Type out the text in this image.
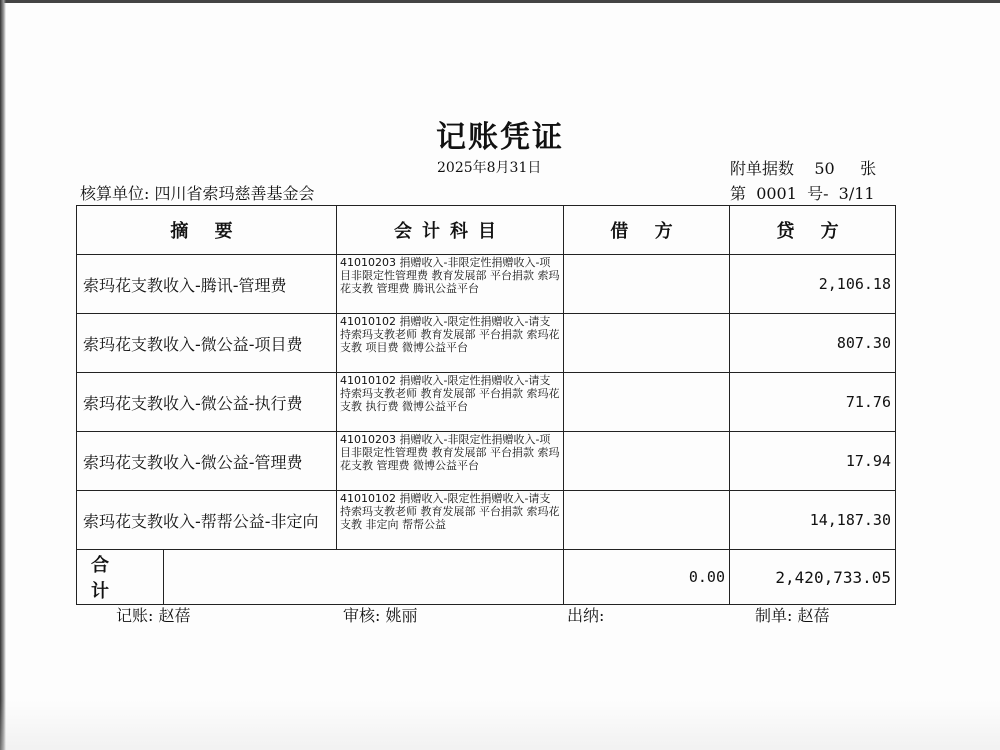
记账凭证
2025年8月31日	附单据数 50 张
核算单位: 四川省索玛慈善基金会	第 0001 号- 3/11
摘 要	会计科目	借 方	贷 方
索玛花支教收入-腾讯-管理费	41010203 捐赠收入-非限定性捐赠收入-项目非限定性管理费 教育发展部 平台捐款 索玛花支教 管理费 腾讯公益平台		2,106.18
索玛花支教收入-微公益-项目费	41010102 捐赠收入-限定性捐赠收入-请支持索玛支教老师 教育发展部 平台捐款 索玛花支教 项目费 微博公益平台		807.30
索玛花支教收入-微公益-执行费	41010102 捐赠收入-限定性捐赠收入-请支持索玛支教老师 教育发展部 平台捐款 索玛花支教 执行费 微博公益平台		71.76
索玛花支教收入-微公益-管理费	41010203 捐赠收入-非限定性捐赠收入-项目非限定性管理费 教育发展部 平台捐款 索玛花支教 管理费 微博公益平台		17.94
索玛花支教收入-帮帮公益-非定向	41010102 捐赠收入-限定性捐赠收入-请支持索玛支教老师 教育发展部 平台捐款 索玛花支教 非定向 帮帮公益		14,187.30

合 计		0.00	2,420,733.05
记账: 赵蓓	审核: 姚丽	出纳:	制单: 赵蓓
